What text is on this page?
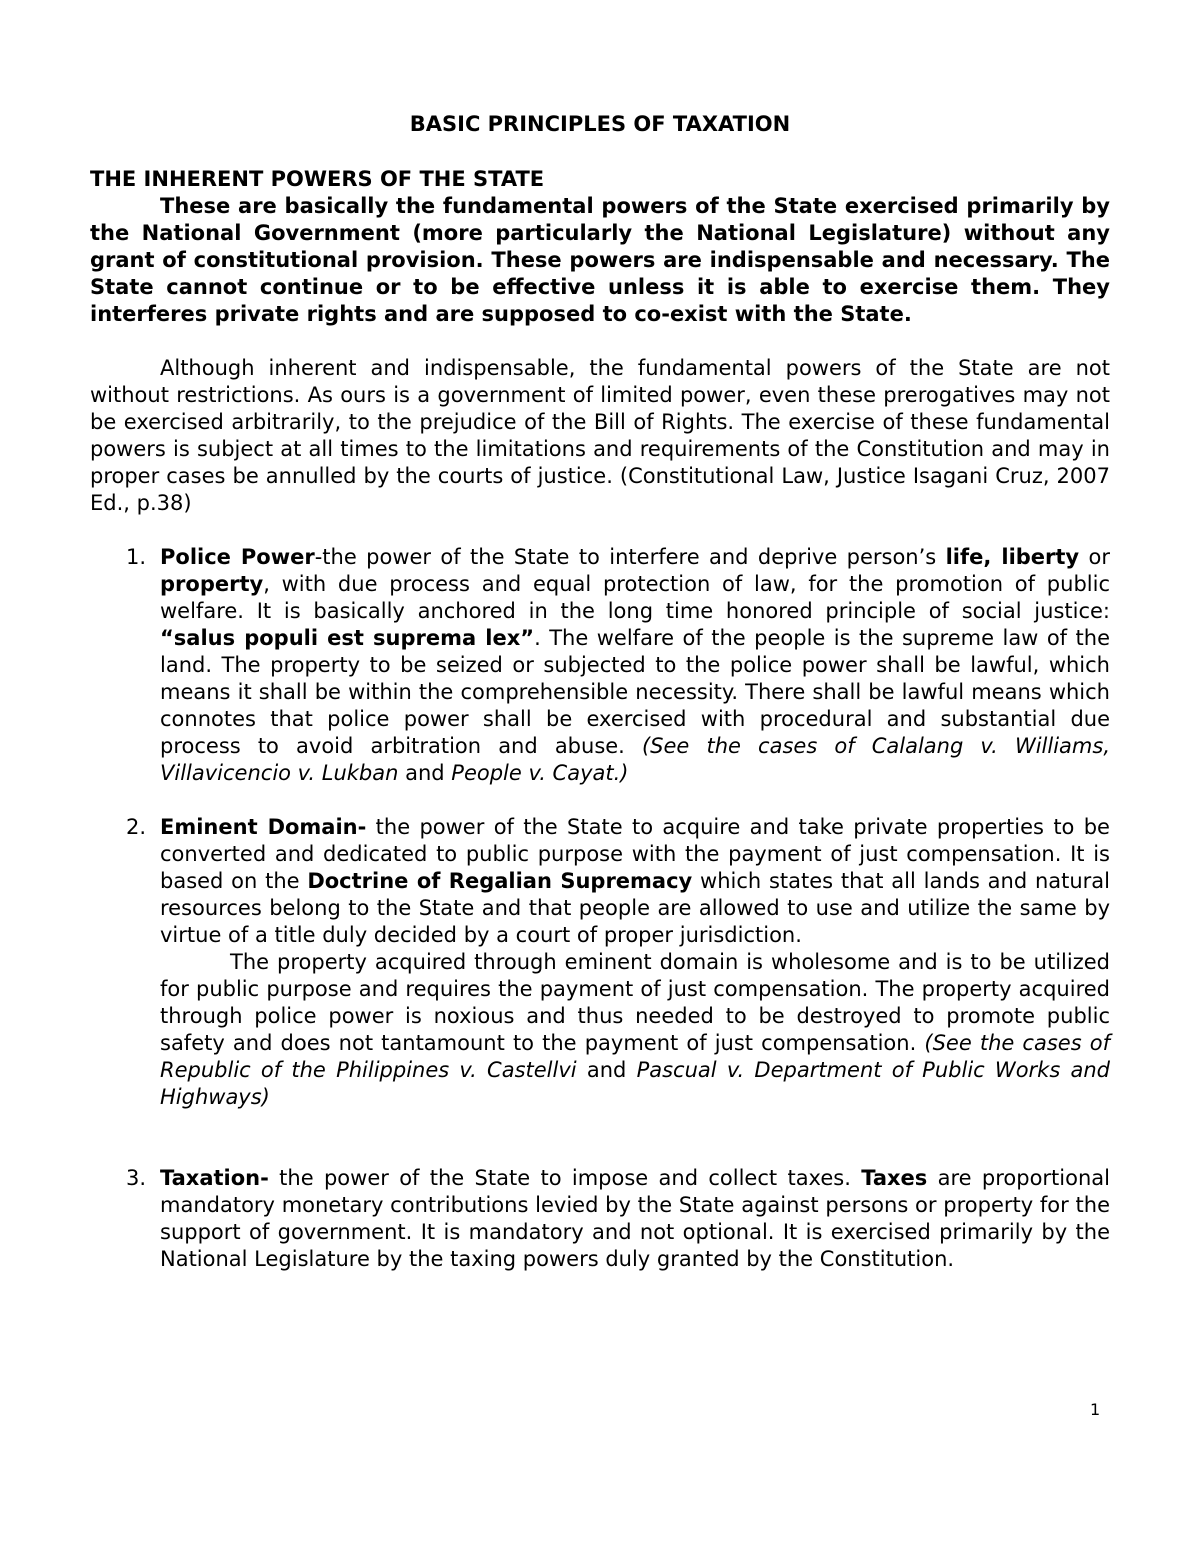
BASIC PRINCIPLES OF TAXATION

THE INHERENT POWERS OF THE STATE

These are basically the fundamental powers of the State exercised primarily by the National Government (more particularly the National Legislature) without any grant of constitutional provision. These powers are indispensable and necessary. The State cannot continue or to be effective unless it is able to exercise them. They interferes private rights and are supposed to co-exist with the State.

Although inherent and indispensable, the fundamental powers of the State are not without restrictions. As ours is a government of limited power, even these prerogatives may not be exercised arbitrarily, to the prejudice of the Bill of Rights. The exercise of these fundamental powers is subject at all times to the limitations and requirements of the Constitution and may in proper cases be annulled by the courts of justice. (Constitutional Law, Justice Isagani Cruz, 2007 Ed., p.38)

1. Police Power-the power of the State to interfere and deprive person’s life, liberty or property, with due process and equal protection of law, for the promotion of public welfare. It is basically anchored in the long time honored principle of social justice: “salus populi est suprema lex”. The welfare of the people is the supreme law of the land. The property to be seized or subjected to the police power shall be lawful, which means it shall be within the comprehensible necessity. There shall be lawful means which connotes that police power shall be exercised with procedural and substantial due process to avoid arbitration and abuse. (See the cases of Calalang v. Williams, Villavicencio v. Lukban and People v. Cayat.)

2. Eminent Domain- the power of the State to acquire and take private properties to be converted and dedicated to public purpose with the payment of just compensation. It is based on the Doctrine of Regalian Supremacy which states that all lands and natural resources belong to the State and that people are allowed to use and utilize the same by virtue of a title duly decided by a court of proper jurisdiction.

The property acquired through eminent domain is wholesome and is to be utilized for public purpose and requires the payment of just compensation. The property acquired through police power is noxious and thus needed to be destroyed to promote public safety and does not tantamount to the payment of just compensation. (See the cases of Republic of the Philippines v. Castellvi and Pascual v. Department of Public Works and Highways)

3. Taxation- the power of the State to impose and collect taxes. Taxes are proportional mandatory monetary contributions levied by the State against persons or property for the support of government. It is mandatory and not optional. It is exercised primarily by the National Legislature by the taxing powers duly granted by the Constitution.

1
